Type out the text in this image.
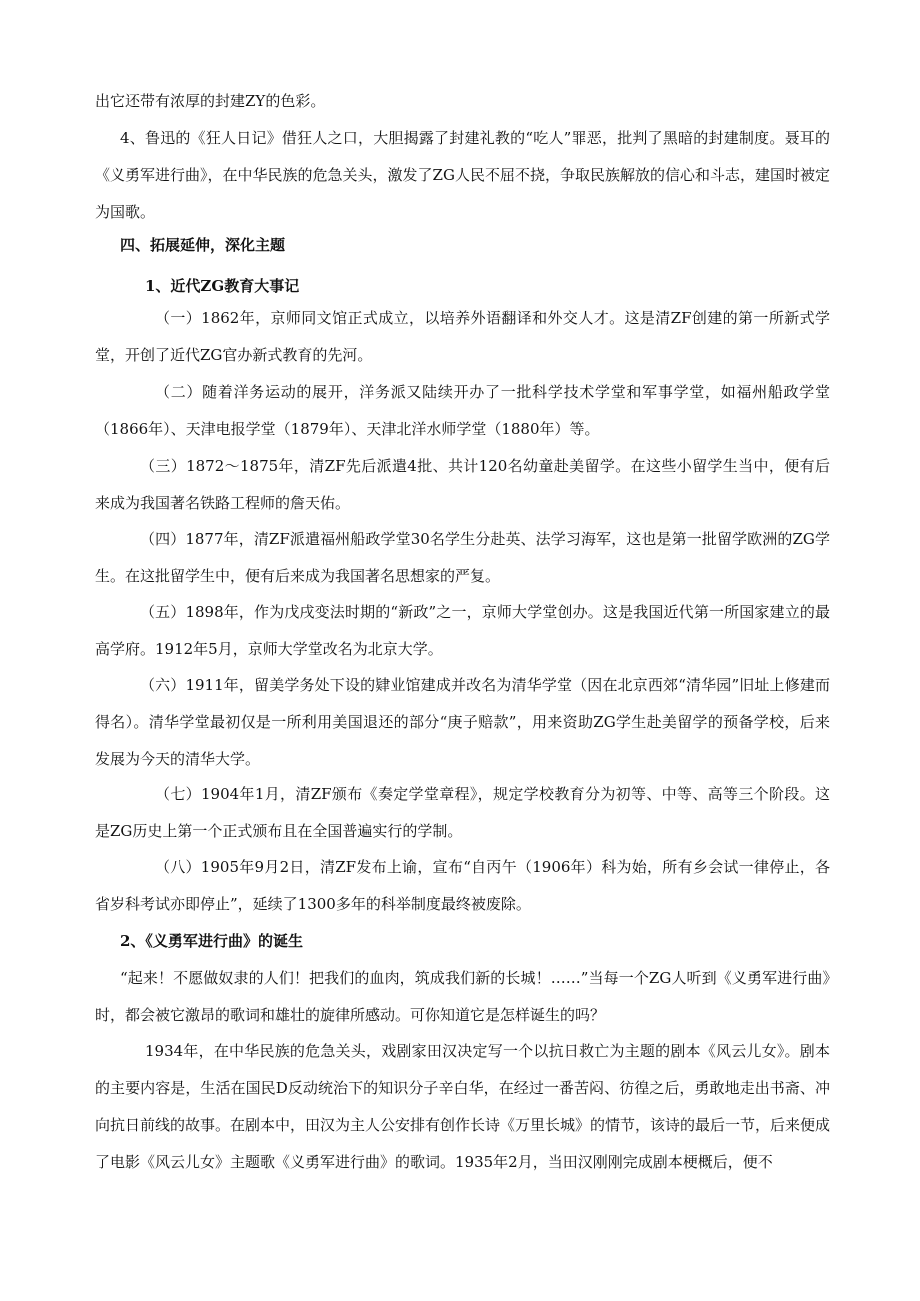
出它还带有浓厚的封建ZY的色彩。

4、鲁迅的《狂人日记》借狂人之口，大胆揭露了封建礼教的“吃人”罪恶，批判了黑暗的封建制度。聂耳的《义勇军进行曲》，在中华民族的危急关头，激发了ZG人民不屈不挠，争取民族解放的信心和斗志，建国时被定为国歌。

四、拓展延伸，深化主题

1、近代ZG教育大事记

（一）1862年，京师同文馆正式成立，以培养外语翻译和外交人才。这是清ZF创建的第一所新式学堂，开创了近代ZG官办新式教育的先河。

（二）随着洋务运动的展开，洋务派又陆续开办了一批科学技术学堂和军事学堂，如福州船政学堂（1866年）、天津电报学堂（1879年）、天津北洋水师学堂（1880年）等。

（三）1872～1875年，清ZF先后派遣4批、共计120名幼童赴美留学。在这些小留学生当中，便有后来成为我国著名铁路工程师的詹天佑。

（四）1877年，清ZF派遣福州船政学堂30名学生分赴英、法学习海军，这也是第一批留学欧洲的ZG学生。在这批留学生中，便有后来成为我国著名思想家的严复。

（五）1898年，作为戊戌变法时期的“新政”之一，京师大学堂创办。这是我国近代第一所国家建立的最高学府。1912年5月，京师大学堂改名为北京大学。

（六）1911年，留美学务处下设的肄业馆建成并改名为清华学堂（因在北京西郊“清华园”旧址上修建而得名）。清华学堂最初仅是一所利用美国退还的部分“庚子赔款”，用来资助ZG学生赴美留学的预备学校，后来发展为今天的清华大学。

（七）1904年1月，清ZF颁布《奏定学堂章程》，规定学校教育分为初等、中等、高等三个阶段。这是ZG历史上第一个正式颁布且在全国普遍实行的学制。

（八）1905年9月2日，清ZF发布上谕，宣布“自丙午（1906年）科为始，所有乡会试一律停止，各省岁科考试亦即停止”，延续了1300多年的科举制度最终被废除。

2、《义勇军进行曲》的诞生

“起来！不愿做奴隶的人们！把我们的血肉，筑成我们新的长城！……”当每一个ZG人听到《义勇军进行曲》时，都会被它激昂的歌词和雄壮的旋律所感动。可你知道它是怎样诞生的吗？

1934年，在中华民族的危急关头，戏剧家田汉决定写一个以抗日救亡为主题的剧本《风云儿女》。剧本的主要内容是，生活在国民D反动统治下的知识分子辛白华，在经过一番苦闷、彷徨之后，勇敢地走出书斋、冲向抗日前线的故事。在剧本中，田汉为主人公安排有创作长诗《万里长城》的情节，该诗的最后一节，后来便成了电影《风云儿女》主题歌《义勇军进行曲》的歌词。1935年2月，当田汉刚刚完成剧本梗概后，便不
